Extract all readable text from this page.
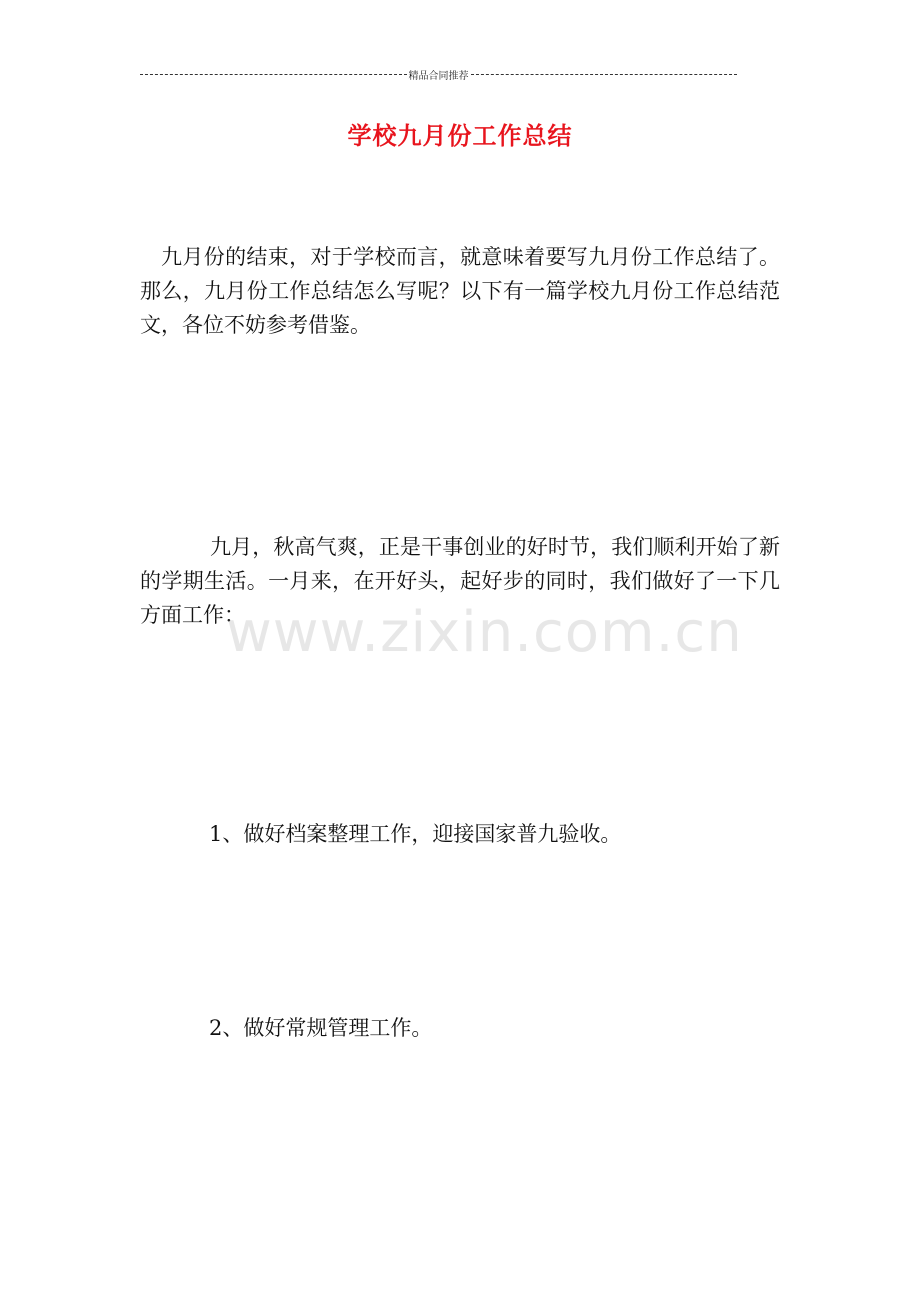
精品合同推荐
学校九月份工作总结

九月份的结束，对于学校而言，就意味着要写九月份工作总结了。那么，九月份工作总结怎么写呢？以下有一篇学校九月份工作总结范文，各位不妨参考借鉴。

九月，秋高气爽，正是干事创业的好时节，我们顺利开始了新的学期生活。一月来，在开好头，起好步的同时，我们做好了一下几方面工作：

1、做好档案整理工作，迎接国家普九验收。

2、做好常规管理工作。

www.zixin.com.cn
